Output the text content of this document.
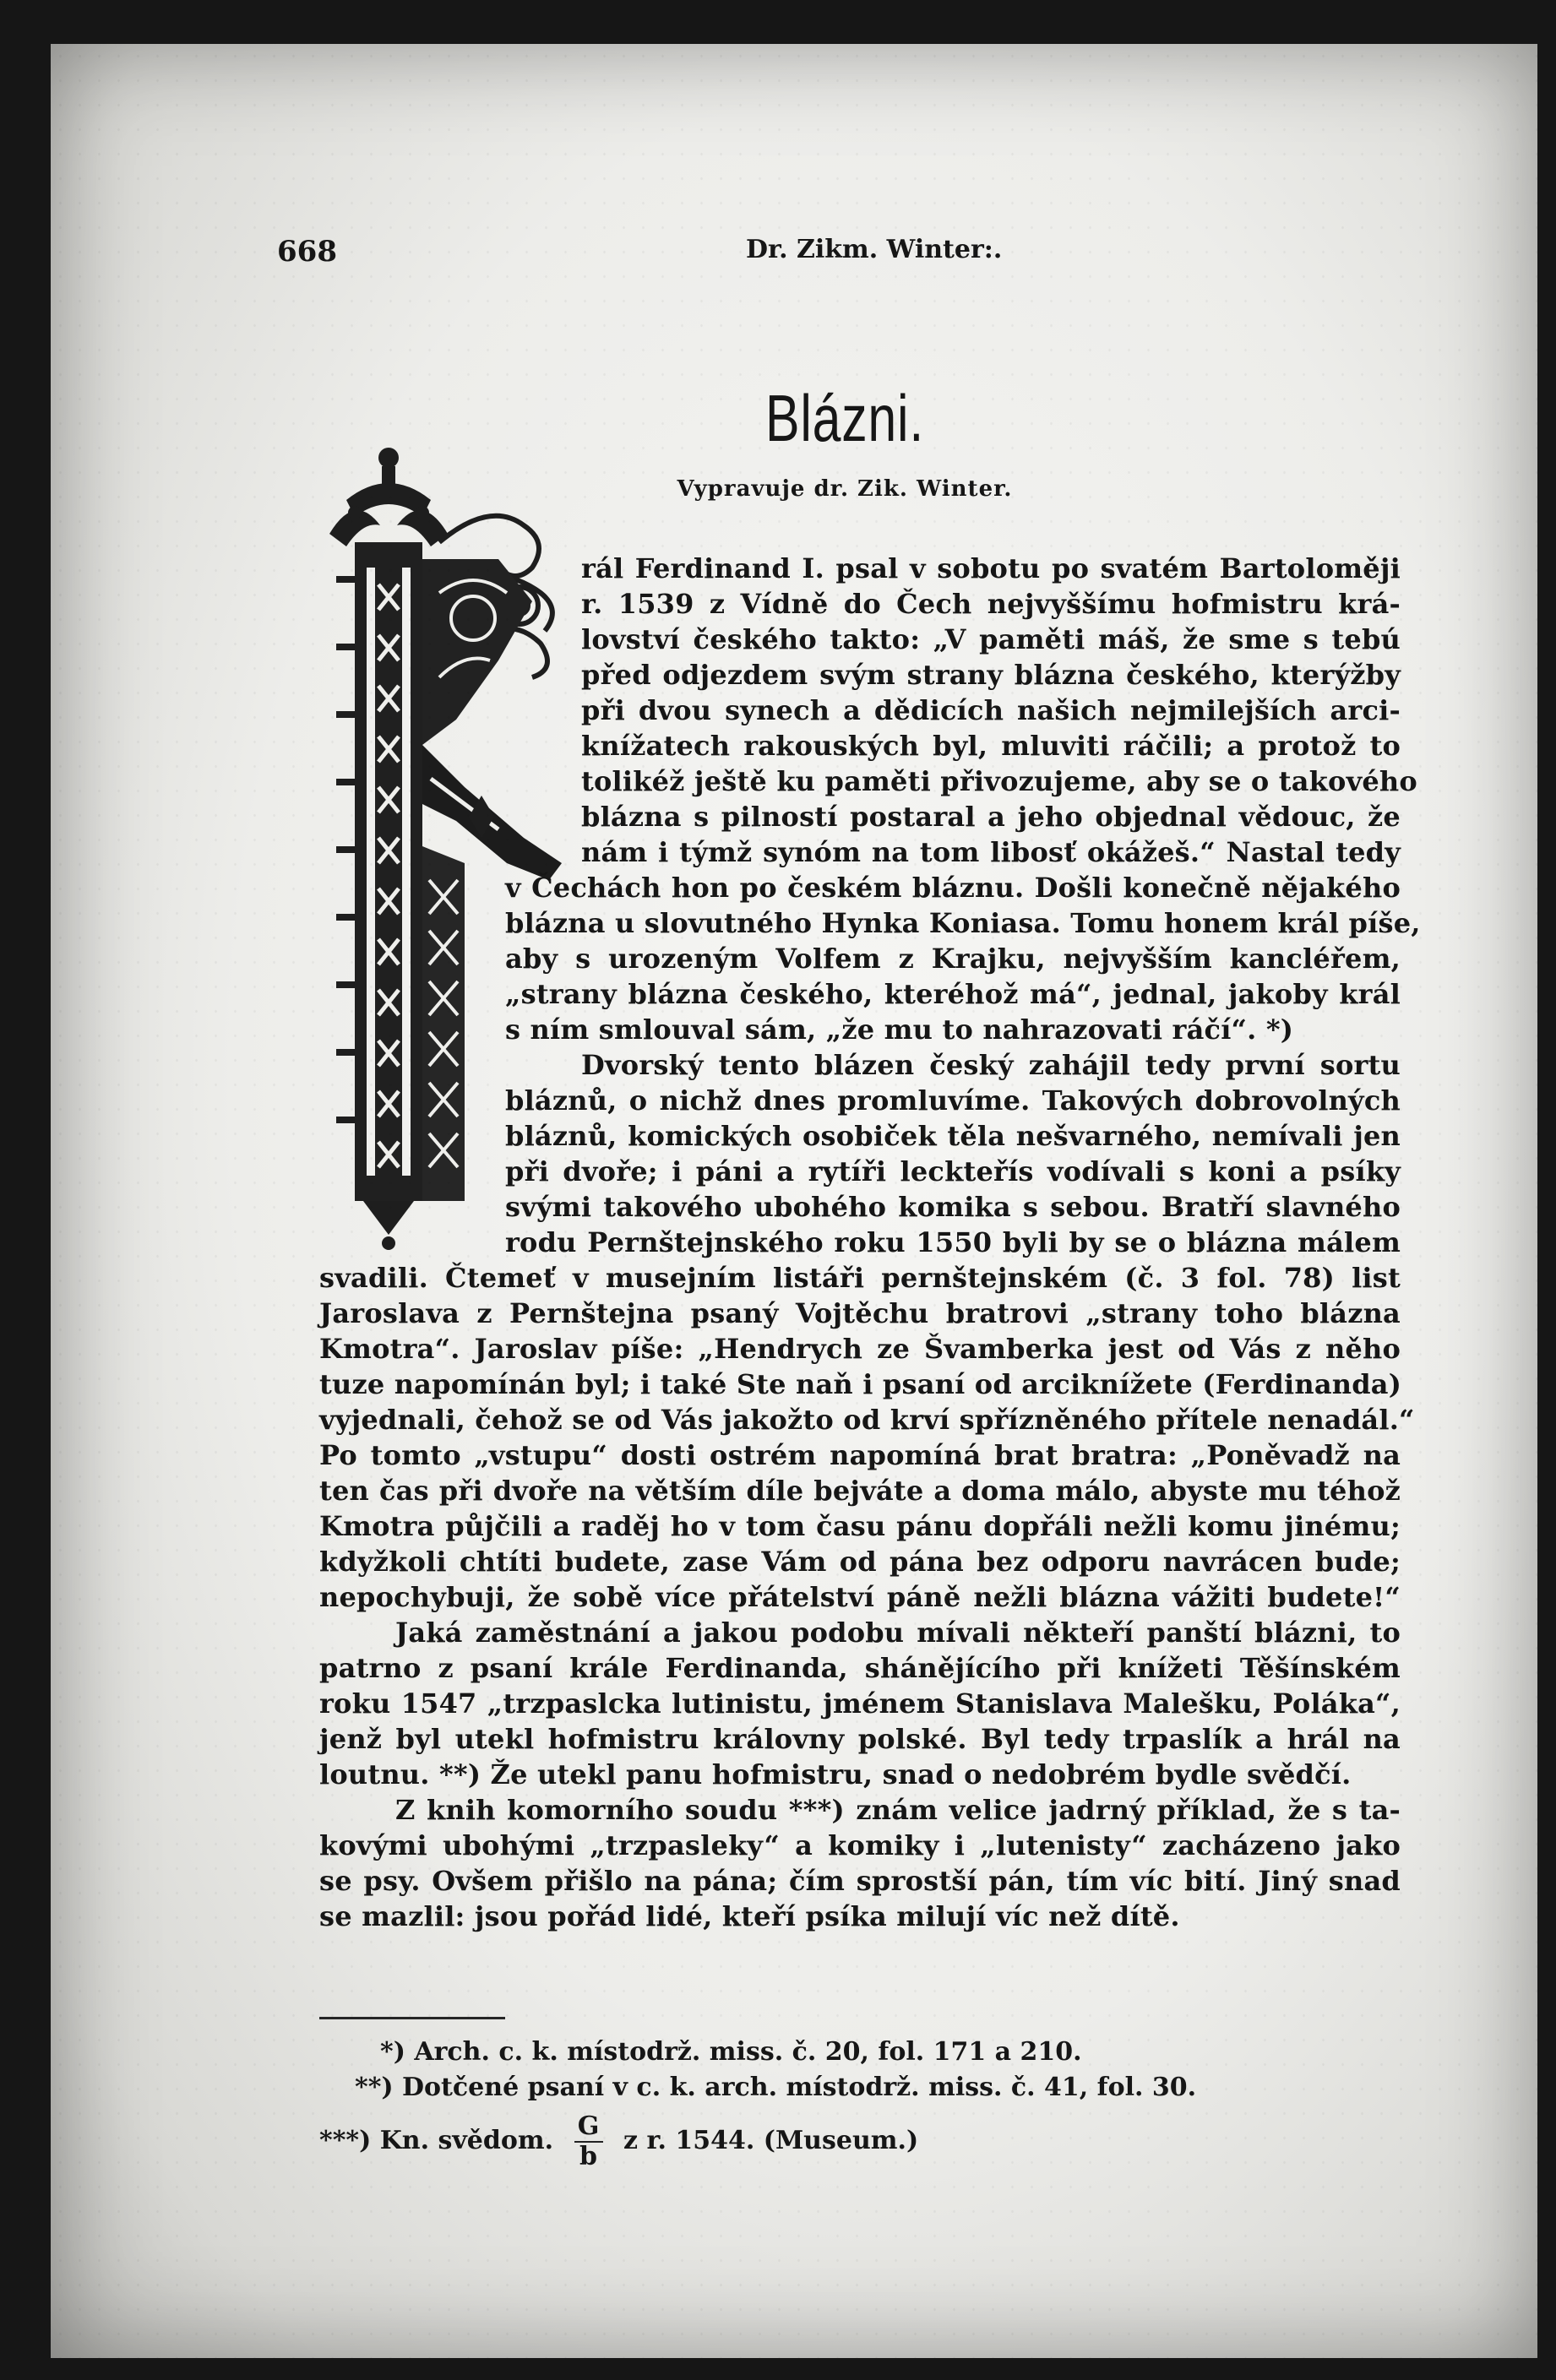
668	Dr. Zikm. Winter:.
Blázni.
Vypravuje dr. Zik. Winter.
rál Ferdinand I. psal v sobotu po svatém Bartoloměji
r. 1539 z Vídně do Čech nejvyššímu hofmistru krá-
lovství českého takto: „V paměti máš, že sme s tebú
před odjezdem svým strany blázna českého, kterýžby
při dvou synech a dědicích našich nejmilejších arci-
knížatech rakouských byl, mluviti ráčili; a protož to
tolikéž ještě ku paměti přivozujeme, aby se o takového
blázna s pilností postaral a jeho objednal vědouc, že
nám i týmž synóm na tom libosť okážeš.“ Nastal tedy
v Čechách hon po českém bláznu. Došli konečně nějakého
blázna u slovutného Hynka Koniasa. Tomu honem král píše,
aby s urozeným Volfem z Krajku, nejvyšším kancléřem,
„strany blázna českého, kteréhož má“, jednal, jakoby král
s ním smlouval sám, „že mu to nahrazovati ráčí“. *)
Dvorský tento blázen český zahájil tedy první sortu
bláznů, o nichž dnes promluvíme. Takových dobrovolných
bláznů, komických osobiček těla nešvarného, nemívali jen
při dvoře; i páni a rytíři leckteřís vodívali s koni a psíky
svými takového ubohého komika s sebou. Bratří slavného
rodu Pernštejnského roku 1550 byli by se o blázna málem
svadili. Čtemeť v musejním listáři pernštejnském (č. 3 fol. 78) list
Jaroslava z Pernštejna psaný Vojtěchu bratrovi „strany toho blázna
Kmotra“. Jaroslav píše: „Hendrych ze Švamberka jest od Vás z něho
tuze napomínán byl; i také Ste naň i psaní od arciknížete (Ferdinanda)
vyjednali, čehož se od Vás jakožto od krví spřízněného přítele nenadál.“
Po tomto „vstupu“ dosti ostrém napomíná brat bratra: „Poněvadž na
ten čas při dvoře na větším díle bejváte a doma málo, abyste mu téhož
Kmotra půjčili a raděj ho v tom času pánu dopřáli nežli komu jinému;
kdyžkoli chtíti budete, zase Vám od pána bez odporu navrácen bude;
nepochybuji, že sobě více přátelství páně nežli blázna vážiti budete!“
Jaká zaměstnání a jakou podobu mívali někteří panští blázni, to
patrno z psaní krále Ferdinanda, shánějícího při knížeti Těšínském
roku 1547 „trzpaslcka lutinistu, jménem Stanislava Malešku, Poláka“,
jenž byl utekl hofmistru královny polské. Byl tedy trpaslík a hrál na
loutnu. **) Že utekl panu hofmistru, snad o nedobrém bydle svědčí.
Z knih komorního soudu ***) znám velice jadrný příklad, že s ta-
kovými ubohými „trzpasleky“ a komiky i „lutenisty“ zacházeno jako
se psy. Ovšem přišlo na pána; čím sprostší pán, tím víc bití. Jiný snad
se mazlil: jsou pořád lidé, kteří psíka milují víc než dítě.
*) Arch. c. k. místodrž. miss. č. 20, fol. 171 a 210.
**) Dotčené psaní v c. k. arch. místodrž. miss. č. 41, fol. 30.
***) Kn. svědom. $\frac{G}{b}$ z r. 1544. (Museum.)
